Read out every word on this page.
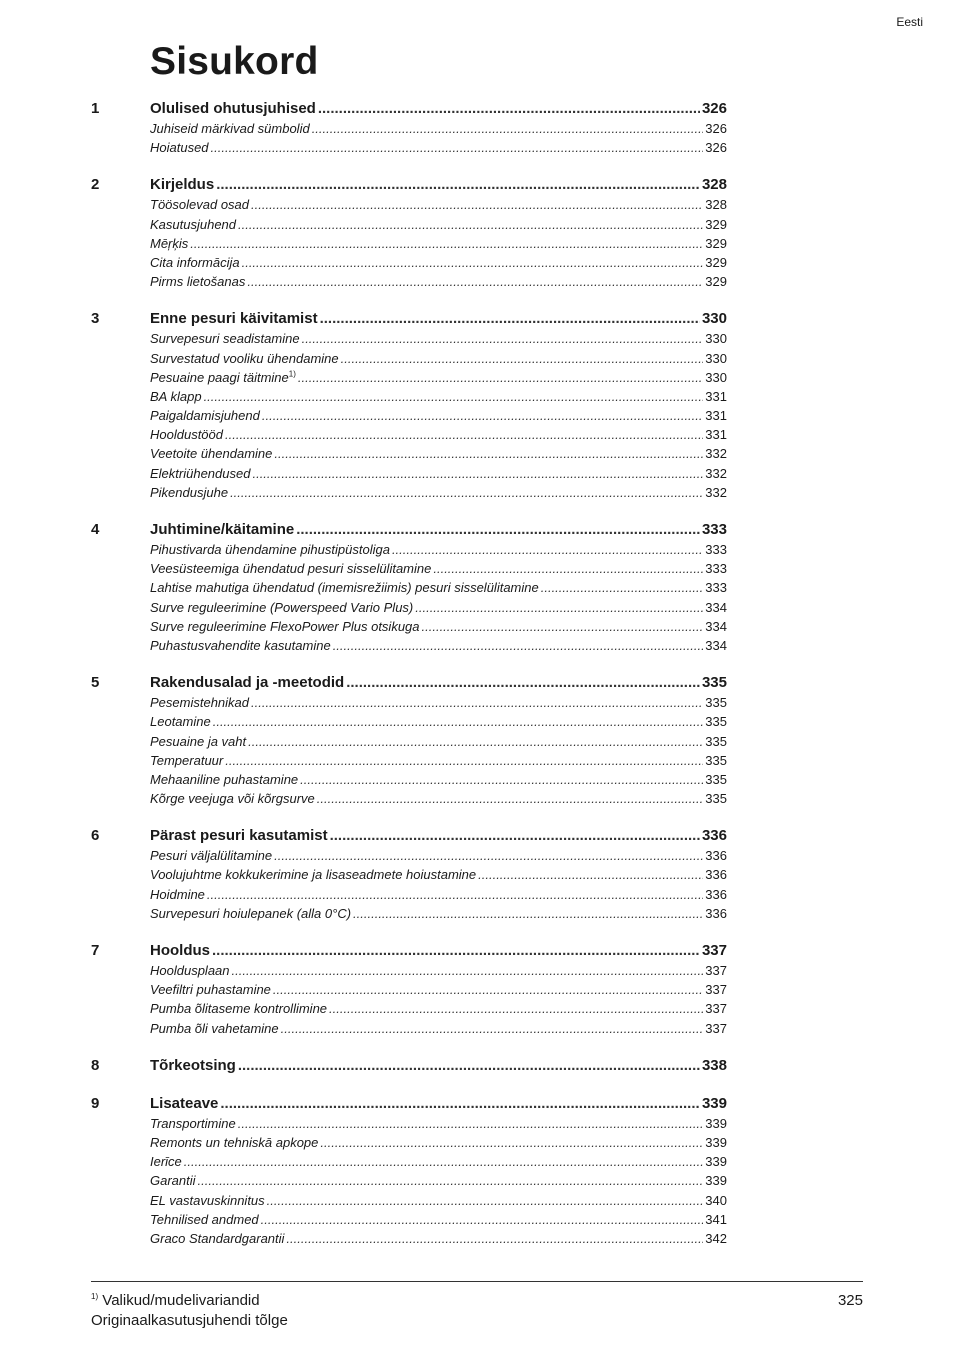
Eesti
Sisukord
1	Olulised ohutusjuhised .....	326
Juhiseid märkivad sümbolid .....	326
Hoiatused .....	326
2	Kirjeldus .....	328
Töösolevad osad .....	328
Kasutusjuhend .....	329
Mēŗķis .....	329
Cita informācija .....	329
Pirms lietošanas .....	329
3	Enne pesuri käivitamist .....	330
Survepesuri seadistamine .....	330
Survestatud vooliku ühendamine .....	330
Pesuaine paagi täitmine$^{1)}$ .....	330
BA klapp .....	331
Paigaldamisjuhend .....	331
Hooldustööd .....	331
Veetoite ühendamine .....	332
Elektriühendused .....	332
Pikendusjuhe .....	332
4	Juhtimine/käitamine .....	333
Pihustivarda ühendamine pihustipüstoliga .....	333
Veesüsteemiga ühendatud pesuri sisselülitamine .....	333
Lahtise mahutiga ühendatud (imemisrežiimis) pesuri sisselülitamine .....	333
Surve reguleerimine (Powerspeed Vario Plus) .....	334
Surve reguleerimine FlexoPower Plus otsikuga .....	334
Puhastusvahendite kasutamine .....	334
5	Rakendusalad ja -meetodid .....	335
Pesemistehnikad .....	335
Leotamine .....	335
Pesuaine ja vaht .....	335
Temperatuur .....	335
Mehaaniline puhastamine .....	335
Kõrge veejuga või kõrgsurve .....	335
6	Pärast pesuri kasutamist .....	336
Pesuri väljalülitamine .....	336
Voolujuhtme kokkukerimine ja lisaseadmete hoiustamine .....	336
Hoidmine .....	336
Survepesuri hoiulepanek (alla 0°C) .....	336
7	Hooldus .....	337
Hooldusplaan .....	337
Veefiltri puhastamine .....	337
Pumba õlitaseme kontrollimine .....	337
Pumba õli vahetamine .....	337
8	Tõrkeotsing .....	338
9	Lisateave .....	339
Transportimine .....	339
Remonts un tehniskā apkope .....	339
Ierīce .....	339
Garantii .....	339
EL vastavuskinnitus .....	340
Tehnilised andmed .....	341
Graco Standardgarantii .....	342
$^{1)}$ Valikud/mudelivariandid
Originaalkasutusjuhendi tõlge
325
